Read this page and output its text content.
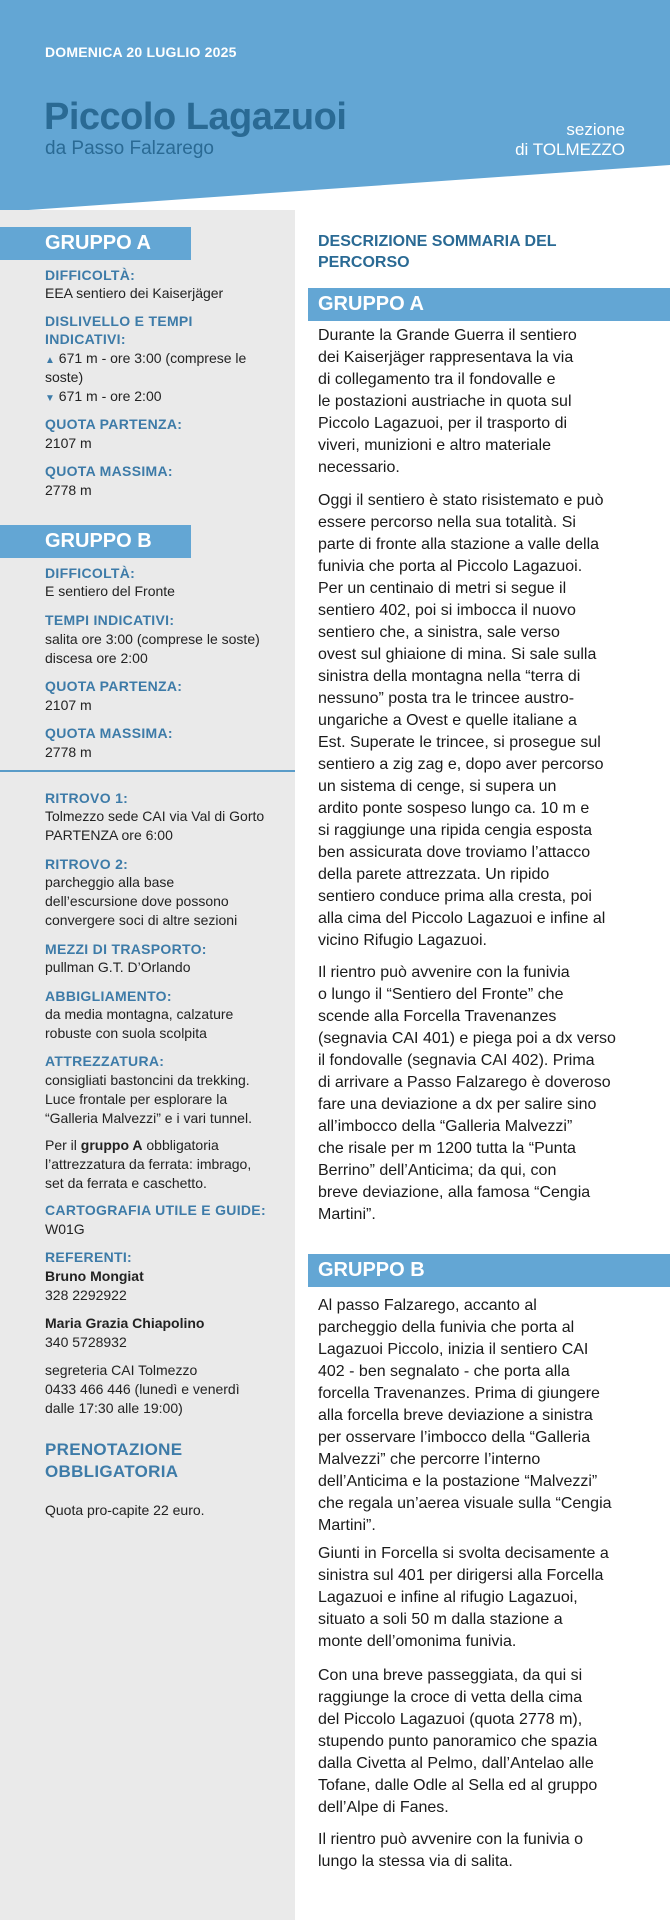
DOMENICA 20 LUGLIO 2025
Piccolo Lagazuoi
da Passo Falzarego
sezione
di TOLMEZZO
GRUPPO A
DIFFICOLTÀ:
EEA sentiero dei Kaiserjäger
DISLIVELLO E TEMPI
INDICATIVI:
▲ 671 m - ore 3:00 (comprese le
soste)
▼ 671 m - ore 2:00
QUOTA PARTENZA:
2107 m
QUOTA MASSIMA:
2778 m
GRUPPO B
DIFFICOLTÀ:
E sentiero del Fronte
TEMPI INDICATIVI:
salita ore 3:00 (comprese le soste)
discesa ore 2:00
QUOTA PARTENZA:
2107 m
QUOTA MASSIMA:
2778 m
RITROVO 1:
Tolmezzo sede CAI via Val di Gorto
PARTENZA ore 6:00
RITROVO 2:
parcheggio alla base
dell’escursione dove possono
convergere soci di altre sezioni
MEZZI DI TRASPORTO:
pullman G.T. D’Orlando
ABBIGLIAMENTO:
da media montagna, calzature
robuste con suola scolpita
ATTREZZATURA:
consigliati bastoncini da trekking.
Luce frontale per esplorare la
“Galleria Malvezzi” e i vari tunnel.
Per il gruppo A obbligatoria
l’attrezzatura da ferrata: imbrago,
set da ferrata e caschetto.
CARTOGRAFIA UTILE E GUIDE:
W01G
REFERENTI:
Bruno Mongiat
328 2292922
Maria Grazia Chiapolino
340 5728932
segreteria CAI Tolmezzo
0433 466 446 (lunedì e venerdì
dalle 17:30 alle 19:00)
PRENOTAZIONE
OBBLIGATORIA
Quota pro-capite 22 euro.
DESCRIZIONE SOMMARIA DEL
PERCORSO
GRUPPO A
Durante la Grande Guerra il sentiero
dei Kaiserjäger rappresentava la via
di collegamento tra il fondovalle e
le postazioni austriache in quota sul
Piccolo Lagazuoi, per il trasporto di
viveri, munizioni e altro materiale
necessario.
Oggi il sentiero è stato risistemato e può
essere percorso nella sua totalità. Si
parte di fronte alla stazione a valle della
funivia che porta al Piccolo Lagazuoi.
Per un centinaio di metri si segue il
sentiero 402, poi si imbocca il nuovo
sentiero che, a sinistra, sale verso
ovest sul ghiaione di mina. Si sale sulla
sinistra della montagna nella “terra di
nessuno” posta tra le trincee austro-
ungariche a Ovest e quelle italiane a
Est. Superate le trincee, si prosegue sul
sentiero a zig zag e, dopo aver percorso
un sistema di cenge, si supera un
ardito ponte sospeso lungo ca. 10 m e
si raggiunge una ripida cengia esposta
ben assicurata dove troviamo l’attacco
della parete attrezzata. Un ripido
sentiero conduce prima alla cresta, poi
alla cima del Piccolo Lagazuoi e infine al
vicino Rifugio Lagazuoi.
Il rientro può avvenire con la funivia
o lungo il “Sentiero del Fronte” che
scende alla Forcella Travenanzes
(segnavia CAI 401) e piega poi a dx verso
il fondovalle (segnavia CAI 402). Prima
di arrivare a Passo Falzarego è doveroso
fare una deviazione a dx per salire sino
all’imbocco della “Galleria Malvezzi”
che risale per m 1200 tutta la “Punta
Berrino” dell’Anticima; da qui, con
breve deviazione, alla famosa “Cengia
Martini”.
GRUPPO B
Al passo Falzarego, accanto al
parcheggio della funivia che porta al
Lagazuoi Piccolo, inizia il sentiero CAI
402 - ben segnalato - che porta alla
forcella Travenanzes. Prima di giungere
alla forcella breve deviazione a sinistra
per osservare l’imbocco della “Galleria
Malvezzi” che percorre l’interno
dell’Anticima e la postazione “Malvezzi”
che regala un’aerea visuale sulla “Cengia
Martini”.
Giunti in Forcella si svolta decisamente a
sinistra sul 401 per dirigersi alla Forcella
Lagazuoi e infine al rifugio Lagazuoi,
situato a soli 50 m dalla stazione a
monte dell’omonima funivia.
Con una breve passeggiata, da qui si
raggiunge la croce di vetta della cima
del Piccolo Lagazuoi (quota 2778 m),
stupendo punto panoramico che spazia
dalla Civetta al Pelmo, dall’Antelao alle
Tofane, dalle Odle al Sella ed al gruppo
dell’Alpe di Fanes.
Il rientro può avvenire con la funivia o
lungo la stessa via di salita.
